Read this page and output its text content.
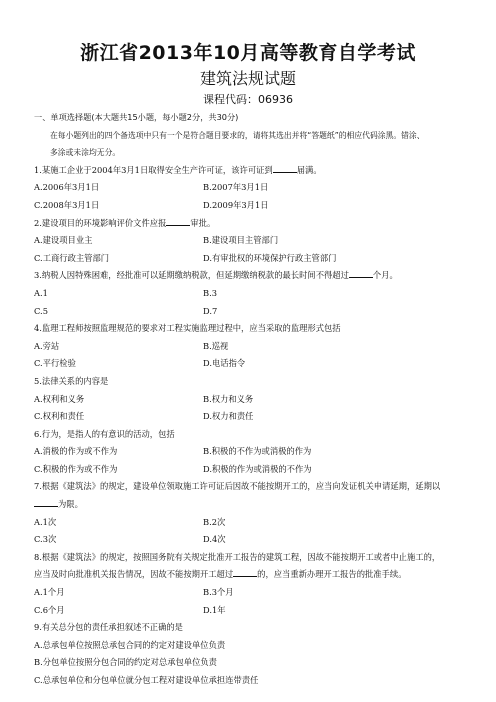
浙江省2013年10月高等教育自学考试
建筑法规试题
课程代码：06936
一、单项选择题(本大题共15小题，每小题2分，共30分)
在每小题列出的四个备选项中只有一个是符合题目要求的，请将其选出并将“答题纸”的相应代码涂黑。错涂、
多涂或未涂均无分。
1.某施工企业于2004年3月1日取得安全生产许可证，该许可证到	届满。
A.2006年3月1日	B.2007年3月1日
C.2008年3月1日	D.2009年3月1日
2.建设项目的环境影响评价文件应报	审批。
A.建设项目业主	B.建设项目主管部门
C.工商行政主管部门	D.有审批权的环境保护行政主管部门
3.纳税人因特殊困难，经批准可以延期缴纳税款，但延期缴纳税款的最长时间不得超过	个月。
A.1	B.3
C.5	D.7
4.监理工程师按照监理规范的要求对工程实施监理过程中，应当采取的监理形式包括
A.旁站	B.巡视
C.平行检验	D.电话指令
5.法律关系的内容是
A.权利和义务	B.权力和义务
C.权利和责任	D.权力和责任
6.行为，是指人的有意识的活动，包括
A.消极的作为或不作为	B.积极的不作为或消极的作为
C.积极的作为或不作为	D.积极的作为或消极的不作为
7.根据《建筑法》的规定，建设单位领取施工许可证后因故不能按期开工的，应当向发证机关申请延期，延期以
为限。
A.1次	B.2次
C.3次	D.4次
8.根据《建筑法》的规定，按照国务院有关规定批准开工报告的建筑工程，因故不能按期开工或者中止施工的，
应当及时向批准机关报告情况，因故不能按期开工超过	的，应当重新办理开工报告的批准手续。
A.1个月	B.3个月
C.6个月	D.1年
9.有关总分包的责任承担叙述不正确的是
A.总承包单位按照总承包合同的约定对建设单位负责
B.分包单位按照分包合同的约定对总承包单位负责
C.总承包单位和分包单位就分包工程对建设单位承担连带责任
